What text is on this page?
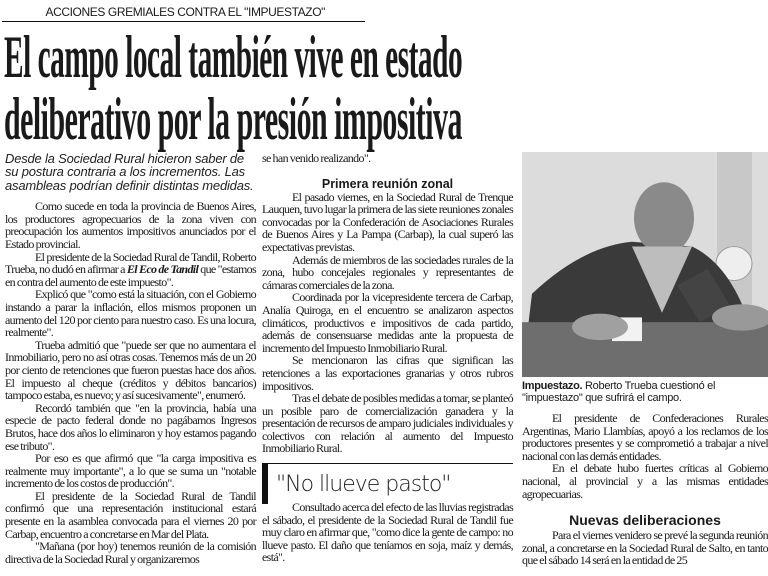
ACCIONES GREMIALES CONTRA EL "IMPUESTAZO"
El campo local también vive en estado
deliberativo por la presión impositiva
Desde la Sociedad Rural hicieron saber de su postura contraria a los incrementos. Las asambleas podrían definir distintas medidas.

Como sucede en toda la provincia de Buenos Aires, los productores agropecuarios de la zona viven con preocupación los aumentos impositivos anunciados por el Estado provincial.

El presidente de la Sociedad Rural de Tandil, Roberto Trueba, no dudó en afirmar a El Eco de Tandil que "estamos en contra del aumento de este impuesto".

Explicó que "como está la situación, con el Gobierno instando a parar la inflación, ellos mismos proponen un aumento del 120 por ciento para nuestro caso. Es una locura, realmente".

Trueba admitió que "puede ser que no aumentara el Inmobiliario, pero no así otras cosas. Tenemos más de un 20 por ciento de retenciones que fueron puestas hace dos años. El impuesto al cheque (créditos y débitos bancarios) tampoco estaba, es nuevo; y así sucesivamente", enumeró.

Recordó también que "en la provincia, había una especie de pacto federal donde no pagábamos Ingresos Brutos, hace dos años lo eliminaron y hoy estamos pagando ese tributo".

Por eso es que afirmó que "la carga impositiva es realmente muy importante", a lo que se suma un "notable incremento de los costos de producción".

El presidente de la Sociedad Rural de Tandil confirmó que una representación institucional estará presente en la asamblea convocada para el viernes 20 por Carbap, encuentro a concretarse en Mar del Plata.

"Mañana (por hoy) tenemos reunión de la comisión directiva de la Sociedad Rural y organizaremos

se han venido realizando".

Primera reunión zonal

El pasado viernes, en la Sociedad Rural de Trenque Lauquen, tuvo lugar la primera de las siete reuniones zonales convocadas por la Confederación de Asociaciones Rurales de Buenos Aires y La Pampa (Carbap), la cual superó las expectativas previstas.

Además de miembros de las sociedades rurales de la zona, hubo concejales regionales y representantes de cámaras comerciales de la zona.

Coordinada por la vicepresidente tercera de Carbap, Analía Quiroga, en el encuentro se analizaron aspectos climáticos, productivos e impositivos de cada partido, además de consensuarse medidas ante la propuesta de incremento del Impuesto Inmobiliario Rural.

Se mencionaron las cifras que significan las retenciones a las exportaciones granarias y otros rubros impositivos.

Tras el debate de posibles medidas a tomar, se planteó un posible paro de comercialización ganadera y la presentación de recursos de amparo judiciales individuales y colectivos con relación al aumento del Impuesto Inmobiliario Rural.

"No llueve pasto"

Consultado acerca del efecto de las lluvias registradas el sábado, el presidente de la Sociedad Rural de Tandil fue muy claro en afirmar que, "como dice la gente de campo: no llueve pasto. El daño que teníamos en soja, maíz y demás, está".

Impuestazo. Roberto Trueba cuestionó el "impuestazo" que sufrirá el campo.

El presidente de Confederaciones Rurales Argentinas, Mario Llambías, apoyó a los reclamos de los productores presentes y se comprometió a trabajar a nivel nacional con las demás entidades.

En el debate hubo fuertes críticas al Gobierno nacional, al provincial y a las mismas entidades agropecuarias.

Nuevas deliberaciones

Para el viernes venidero se prevé la segunda reunión zonal, a concretarse en la Sociedad Rural de Salto, en tanto que el sábado 14 será en la entidad de 25
